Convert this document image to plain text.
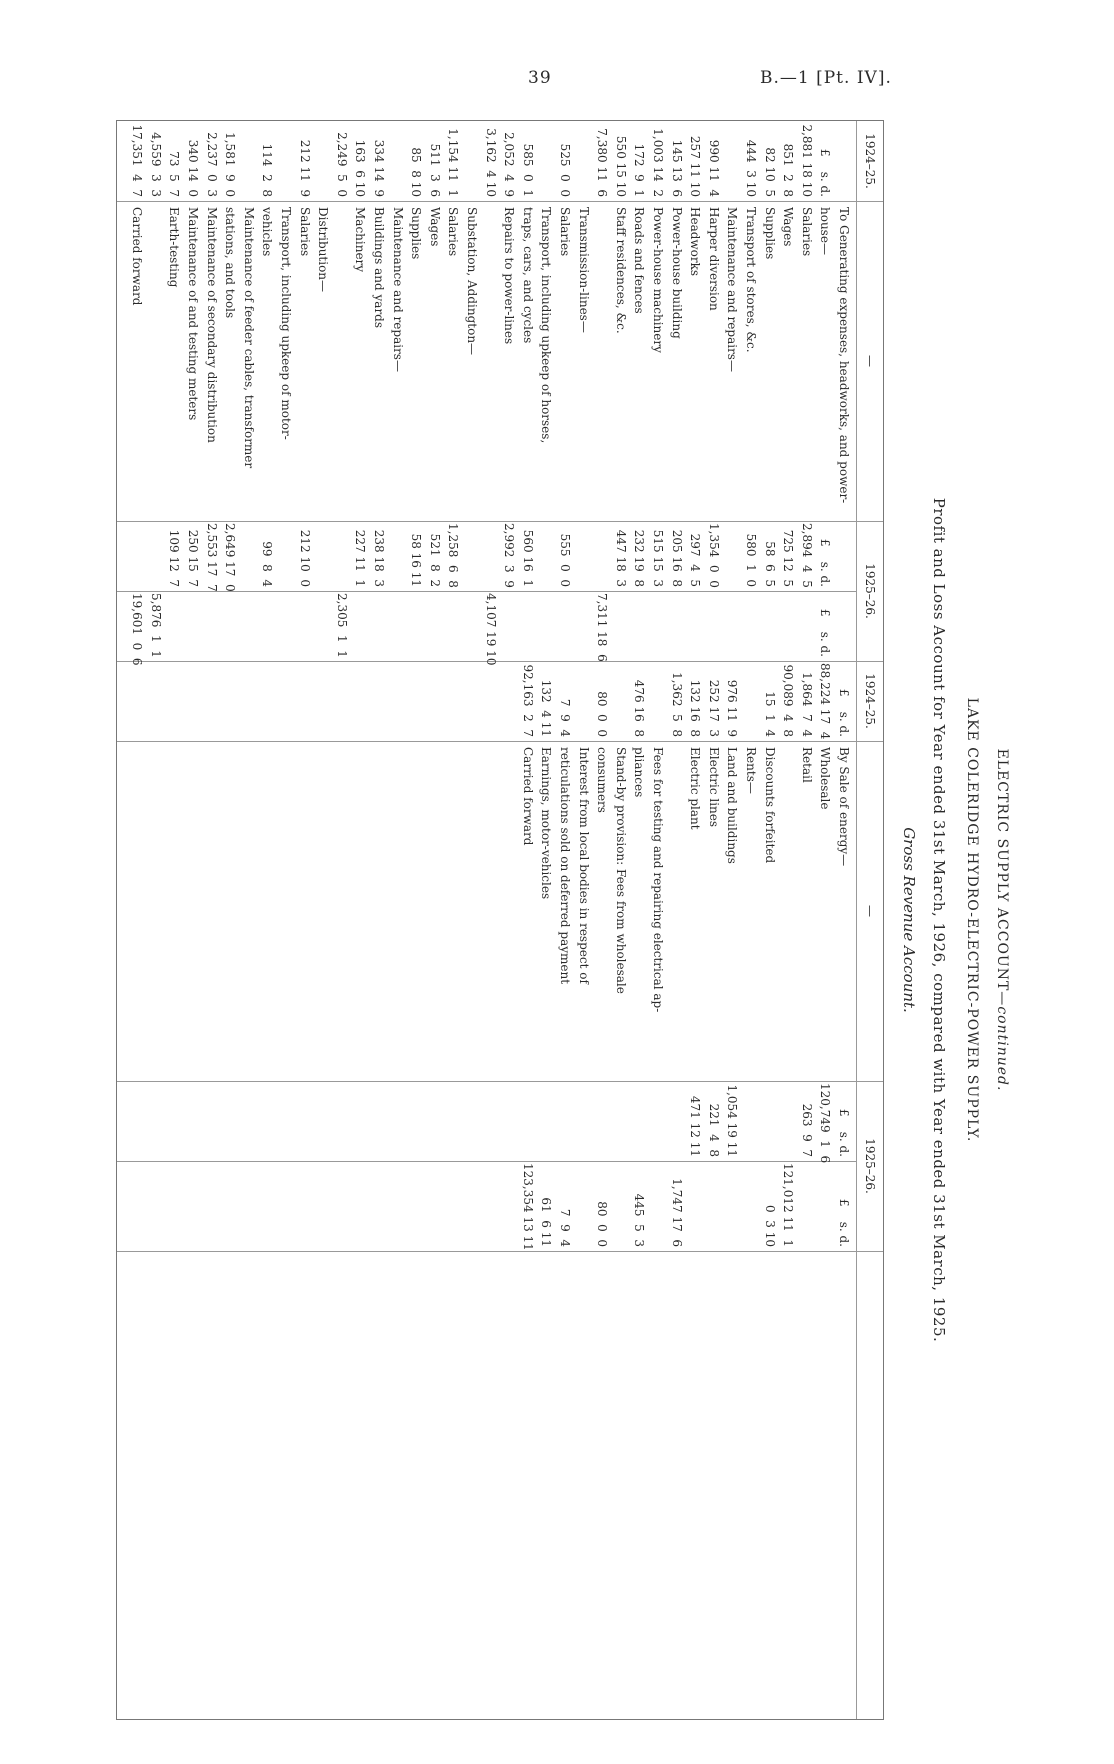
39	B.—1 [Pt. IV].
ELECTRIC SUPPLY ACCOUNT—continued.
LAKE COLERIDGE HYDRO-ELECTRIC-POWER SUPPLY.
Profit and Loss Account for Year ended 31st March, 1926, compared with Year ended 31st March, 1925.
Gross Revenue Account.
1924–25.
—
1925–26.
1924–25.
—
1925–26.
To Generating expenses, headworks, and power-
£    s. d.
house—
£    s. d.
£    s. d.
2,881 18 10
Salaries
2,894  4  5
851  2  8
Wages
725 12  5
82 10  5
Supplies
58  6  5
444  3 10
Transport of stores, &c.
580  1  0
Maintenance and repairs—
990 11  4
Harper diversion
1,354  0  0
257 11 10
Headworks
297  4  5
145 13  6
Power-house building
205 16  8
1,003 14  2
Power-house machinery
515 15  3
172  9  1
Roads and fences
232 19  8
550 15 10
Staff residences, &c.
447 18  3
7,380 11  6
7,311 18  6
Transmission-lines—
525  0  0
Salaries
555  0  0
Transport, including upkeep of horses,
585  0  1
traps, cars, and cycles
560 16  1
2,052  4  9
Repairs to power-lines
2,992  3  9
3,162  4 10
4,107 19 10
Substation, Addington—
1,154 11  1
Salaries
1,258  6  8
511  3  6
Wages
521  8  2
85  8 10
Supplies
58 16 11
Maintenance and repairs—
334 14  9
Buildings and yards
238 18  3
163  6 10
Machinery
227 11  1
2,249  5  0
2,305  1  1
Distribution—
212 11  9
Salaries
212 10  0
Transport, including upkeep of motor-
114  2  8
vehicles
99  8  4
Maintenance of feeder cables, transformer
1,581  9  0
stations, and tools
2,649 17  0
2,237  0  3
Maintenance of secondary distribution
2,553 17  7
340 14  0
Maintenance of and testing meters
250 15  7
73  5  7
Earth-testing
109 12  7
4,559  3  3
5,876  1  1
17,351  4  7
Carried forward
19,601  0  6
£    s. d.
By Sale of energy—
£    s. d.
£    s. d.
88,224 17  4
Wholesale
120,749  1  6
1,864  7  4
Retail
263  9  7
90,089  4  8
121,012 11  1
15  1  4
Discounts forfeited
0  3 10
Rents—
976 11  9
Land and buildings
1,054 19 11
252 17  3
Electric lines
221  4  8
132 16  8
Electric plant
471 12 11
1,362  5  8
1,747 17  6
Fees for testing and repairing electrical ap-
476 16  8
pliances
445  5  3
Stand-by provision: Fees from wholesale
80  0  0
consumers
80  0  0
Interest from local bodies in respect of
7  9  4
reticulations sold on deferred payment
7  9  4
132  4 11
Earnings, motor-vehicles
61  6 11
92,163  2  7
Carried forward
123,354 13 11
